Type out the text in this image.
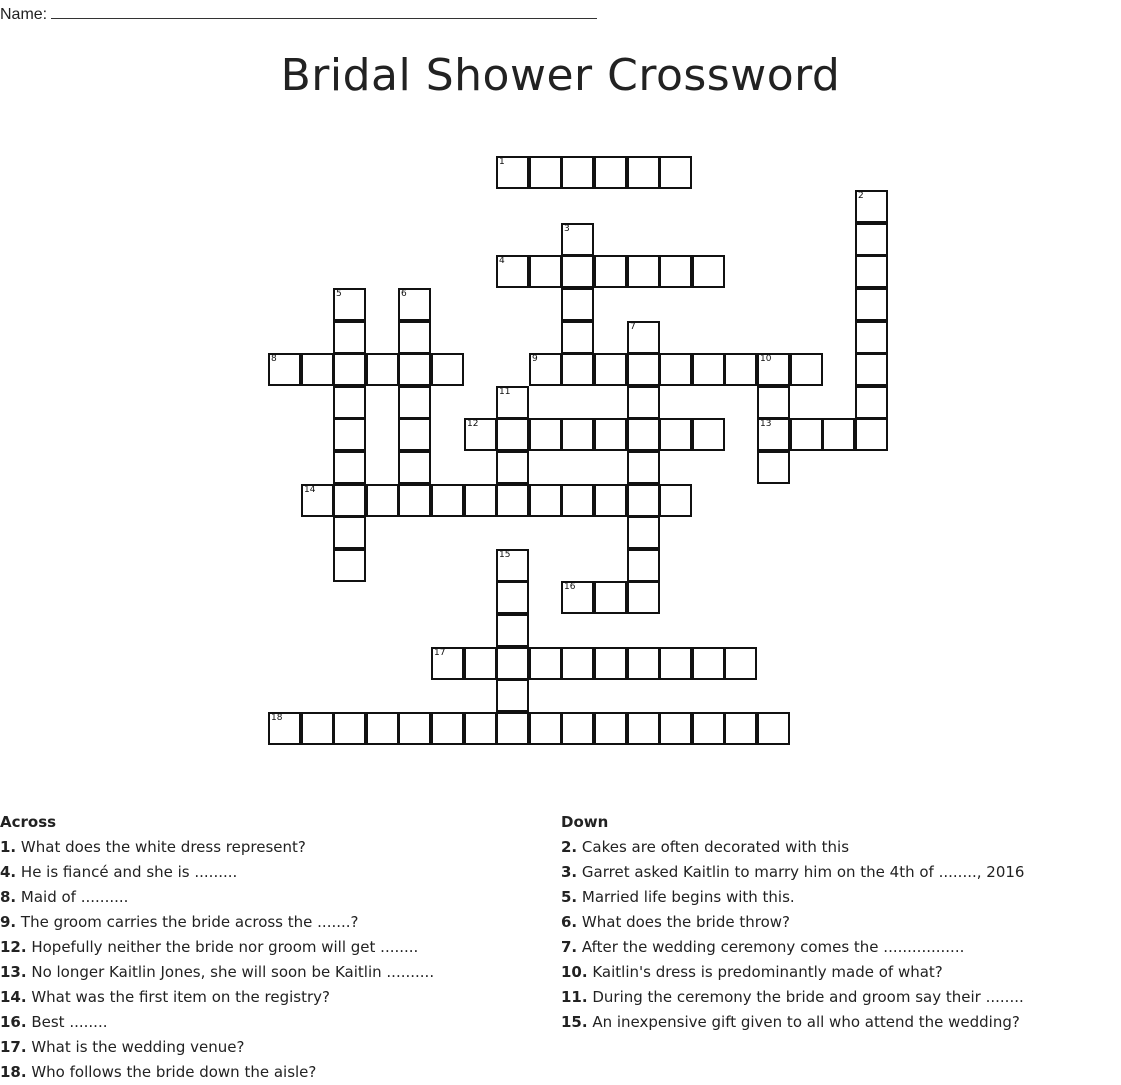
Name:
Bridal Shower Crossword
1
2
3
4
5	6
7
8	9	10
11
12	13
14
15
16
17
18
Across
1. What does the white dress represent?
4. He is fiancé and she is .........
8. Maid of ..........
9. The groom carries the bride across the .......?
12. Hopefully neither the bride nor groom will get ........
13. No longer Kaitlin Jones, she will soon be Kaitlin ..........
14. What was the first item on the registry?
16. Best ........
17. What is the wedding venue?
18. Who follows the bride down the aisle?
Down
2. Cakes are often decorated with this
3. Garret asked Kaitlin to marry him on the 4th of ........, 2016
5. Married life begins with this.
6. What does the bride throw?
7. After the wedding ceremony comes the .................
10. Kaitlin's dress is predominantly made of what?
11. During the ceremony the bride and groom say their ........
15. An inexpensive gift given to all who attend the wedding?
